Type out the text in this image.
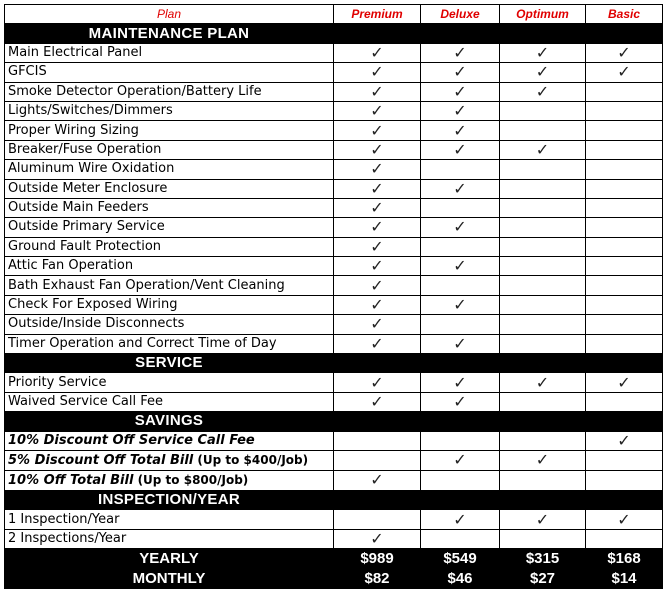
Plan	Premium	Deluxe	Optimum	Basic
MAINTENANCE PLAN				
Main Electrical Panel	✓	✓	✓	✓
GFCIS	✓	✓	✓	✓
Smoke Detector Operation/Battery Life	✓	✓	✓	
Lights/Switches/Dimmers	✓	✓		
Proper Wiring Sizing	✓	✓		
Breaker/Fuse Operation	✓	✓	✓	
Aluminum Wire Oxidation	✓			
Outside Meter Enclosure	✓	✓		
Outside Main Feeders	✓			
Outside Primary Service	✓	✓		
Ground Fault Protection	✓			
Attic Fan Operation	✓	✓		
Bath Exhaust Fan Operation/Vent Cleaning	✓			
Check For Exposed Wiring	✓	✓		
Outside/Inside Disconnects	✓			
Timer Operation and Correct Time of Day	✓	✓		
SERVICE				
Priority Service	✓	✓	✓	✓
Waived Service Call Fee	✓	✓		
SAVINGS				
10% Discount Off Service Call Fee				✓
5% Discount Off Total Bill (Up to $400/Job)		✓	✓	
10% Off Total Bill (Up to $800/Job)	✓			
INSPECTION/YEAR				
1 Inspection/Year		✓	✓	✓
2 Inspections/Year	✓			
YEARLY	$989	$549	$315	$168
MONTHLY	$82	$46	$27	$14
